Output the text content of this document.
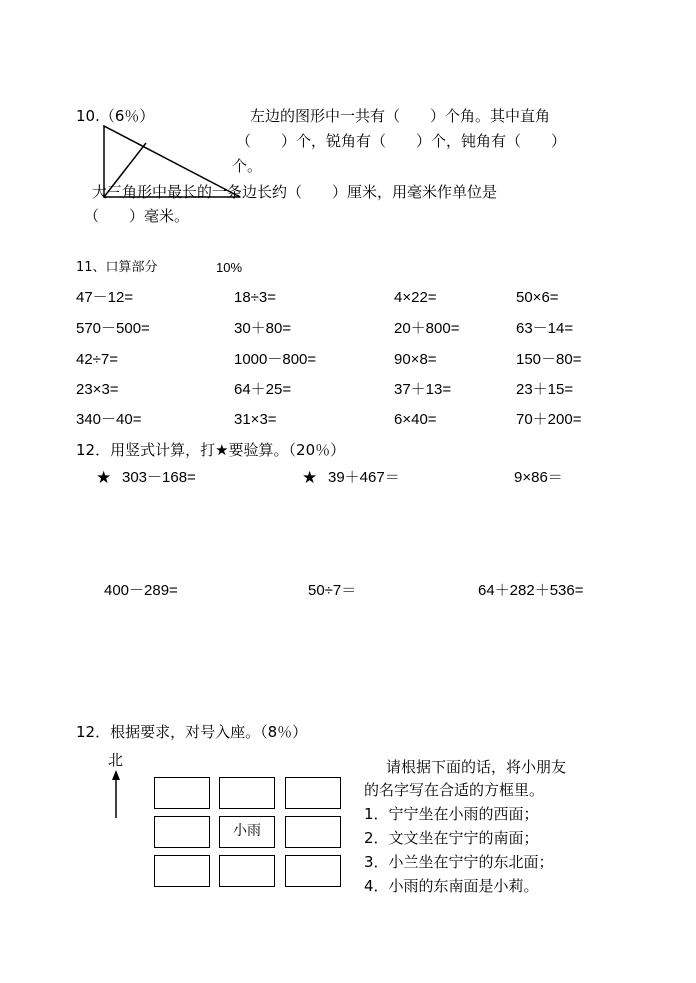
10.（6％）	左边的图形中一共有（　　）个角。其中直角
（　　）个，锐角有（　　）个，钝角有（　　）
个。
大三角形中最长的一条边长约（　　）厘米，用毫米作单位是
（　　）毫米。
11、口算部分	10%
47－12=	18÷3=	4×22=	50×6=
570－500=	30＋80=	20＋800=	63－14=
42÷7=	1000－800=	90×8=	150－80=
23×3=	64＋25=	37＋13=	23＋15=
340－40=	31×3=	6×40=	70＋200=
12．用竖式计算，打★要验算。（20％）
★ 303－168=	★ 39＋467＝	9×86＝
400－289=	50÷7＝	64＋282＋536=
12．根据要求，对号入座。（8％）
北
小雨
请根据下面的话，将小朋友
的名字写在合适的方框里。
1．宁宁坐在小雨的西面；
2．文文坐在宁宁的南面；
3．小兰坐在宁宁的东北面；
4．小雨的东南面是小莉。
